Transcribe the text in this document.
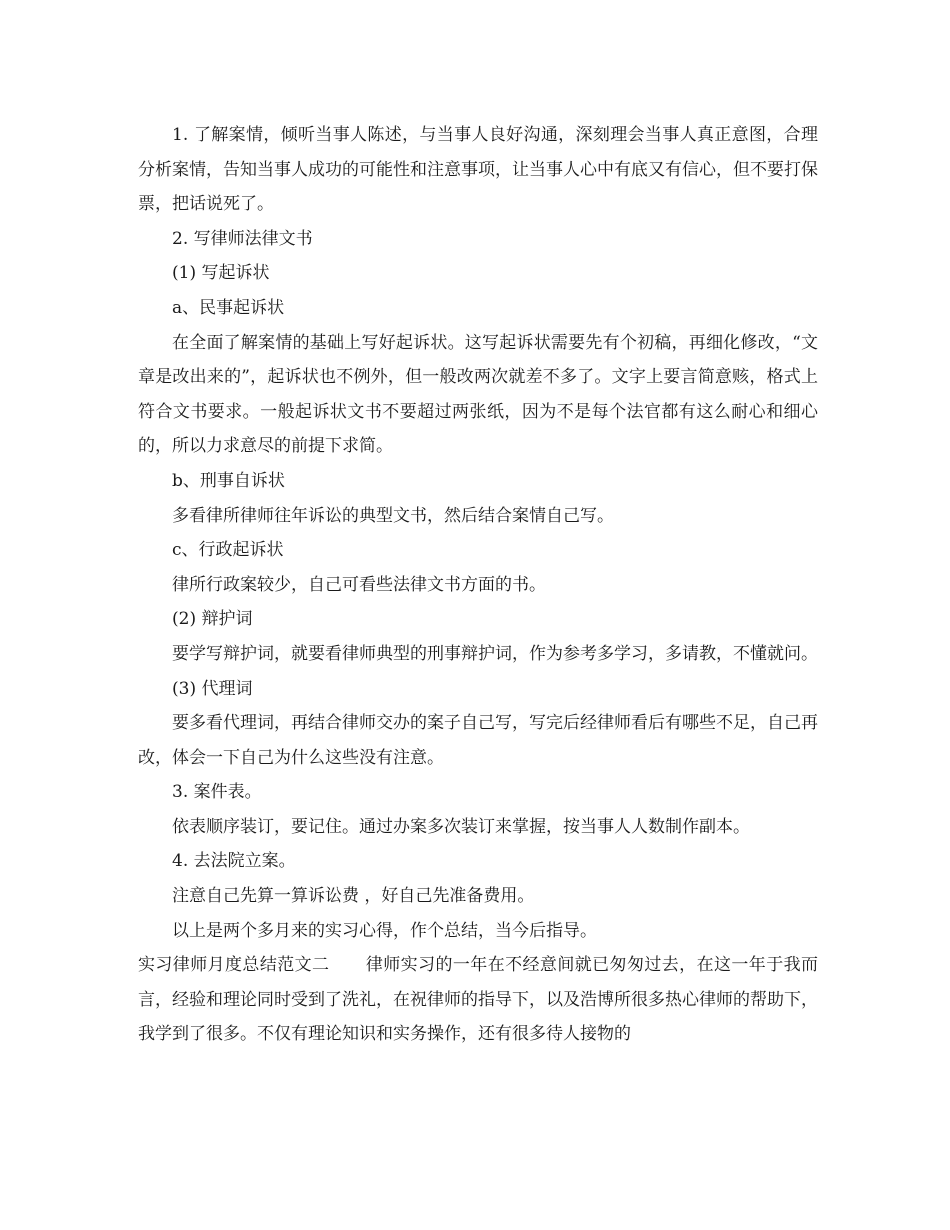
1. 了解案情，倾听当事人陈述，与当事人良好沟通，深刻理会当事人真正意图，合理分析案情，告知当事人成功的可能性和注意事项，让当事人心中有底又有信心，但不要打保票，把话说死了。

2. 写律师法律文书

(1) 写起诉状

a、民事起诉状

在全面了解案情的基础上写好起诉状。这写起诉状需要先有个初稿，再细化修改，“文章是改出来的”，起诉状也不例外，但一般改两次就差不多了。文字上要言简意赅，格式上符合文书要求。一般起诉状文书不要超过两张纸，因为不是每个法官都有这么耐心和细心的，所以力求意尽的前提下求简。

b、刑事自诉状

多看律所律师往年诉讼的典型文书，然后结合案情自己写。

c、行政起诉状

律所行政案较少，自己可看些法律文书方面的书。

(2) 辩护词

要学写辩护词，就要看律师典型的刑事辩护词，作为参考多学习，多请教，不懂就问。

(3) 代理词

要多看代理词，再结合律师交办的案子自己写，写完后经律师看后有哪些不足，自己再改，体会一下自己为什么这些没有注意。

3. 案件表。

依表顺序装订，要记住。通过办案多次装订来掌握，按当事人人数制作副本。

4. 去法院立案。

注意自己先算一算诉讼费 ，好自己先准备费用。

以上是两个多月来的实习心得，作个总结，当今后指导。

实习律师月度总结范文二 律师实习的一年在不经意间就已匆匆过去，在这一年于我而言，经验和理论同时受到了洗礼，在祝律师的指导下，以及浩博所很多热心律师的帮助下，我学到了很多。不仅有理论知识和实务操作，还有很多待人接物的
